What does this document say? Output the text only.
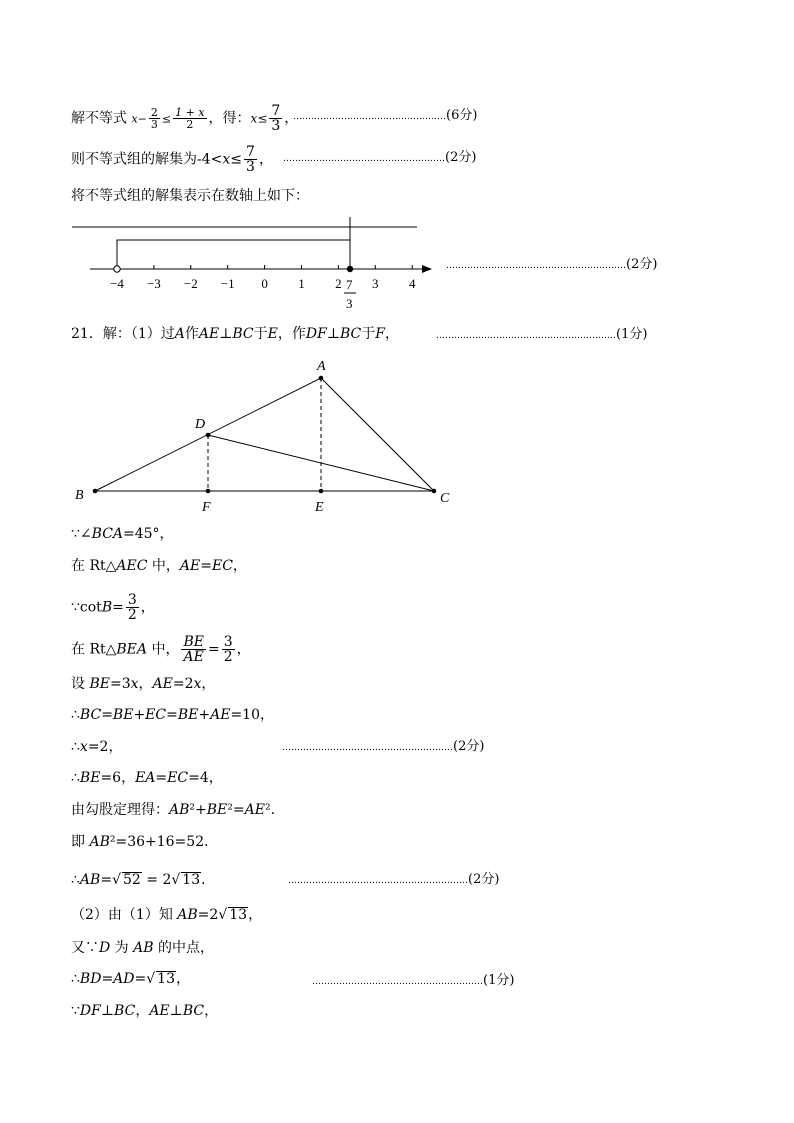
解不等式 $x- \frac{2}{3} \le \frac{1 + x}{2}$ ，得：$x\le \frac{7}{3}$ ，
……………………………………………(6分)
则不等式组的解集为$-4<x\le \frac{7}{3}$ ， ………………………………………………(2分)
将不等式组的解集表示在数轴上如下：
−4 −3 −2 −1 0 1 2 3 4
7
3
……………………………………………………(2分)
21．解：（1）过A作AE⊥BC于E，作DF⊥BC于F，	……………………………………………………(1分)
A
B	C
D
E
F
∵∠BCA=45°，
在 Rt△AEC 中，AE=EC，
∵cotB= $\frac{3}{2}$ ，
在 Rt△BEA 中， $\frac{BE}{AE} = \frac{3}{2}$ ，
设 BE=3x，AE=2x，
∴BC=BE+EC=BE+AE=10，
∴x=2，	…………………………………………………(2分)
∴BE=6，EA=EC=4，
由勾股定理得：AB²+BE²=AE².
即 AB²=36+16=52．
∴AB=√ 52 = 2√ 13．	……………………………………………………(2分)
（2）由（1）知 AB=2√ 13，
又∵D 为 AB 的中点，
∴BD=AD=√ 13，	…………………………………………………(1分)
∵DF⊥BC，AE⊥BC，
